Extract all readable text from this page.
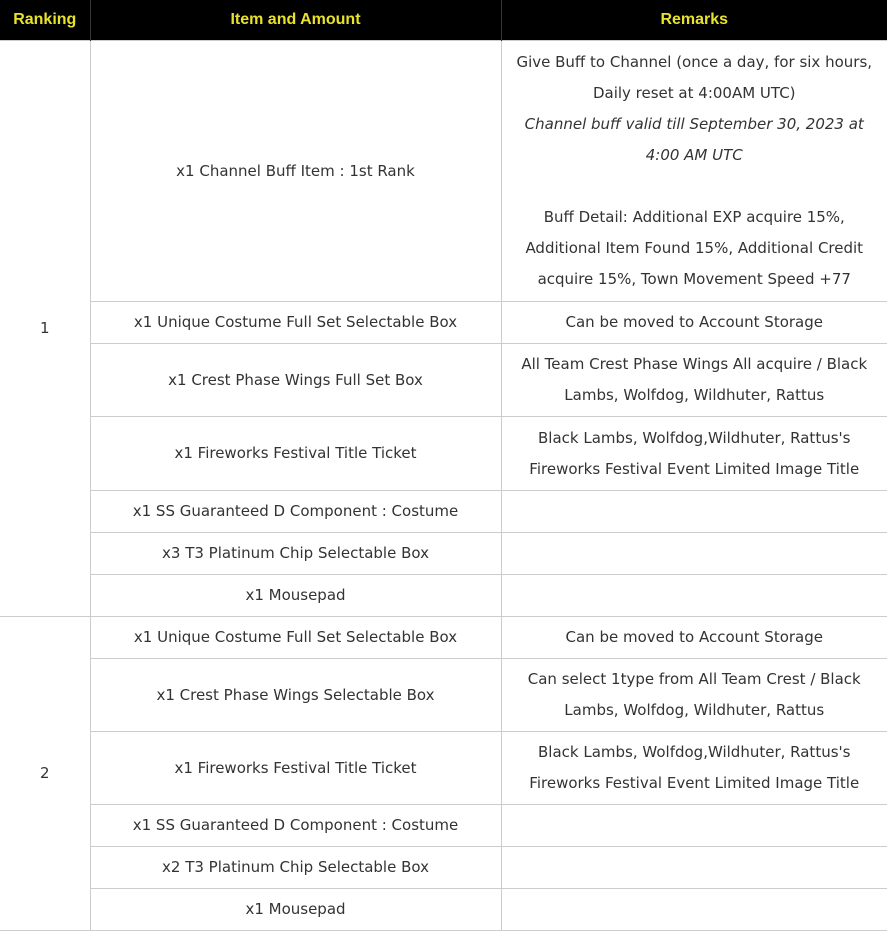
Ranking	Item and Amount	Remarks
1	x1 Channel Buff Item : 1st Rank	Give Buff to Channel (once a day, for six hours, Daily reset at 4:00AM UTC)
Channel buff valid till September 30, 2023 at 4:00 AM UTC
Buff Detail: Additional EXP acquire 15%, Additional Item Found 15%, Additional Credit acquire 15%, Town Movement Speed +77

	x1 Unique Costume Full Set Selectable Box	Can be moved to Account Storage
	x1 Crest Phase Wings Full Set Box	All Team Crest Phase Wings All acquire / Black Lambs, Wolfdog, Wildhuter, Rattus
	x1 Fireworks Festival Title Ticket	Black Lambs, Wolfdog,Wildhuter, Rattus's Fireworks Festival Event Limited Image Title
	x1 SS Guaranteed D Component : Costume	
	x3 T3 Platinum Chip Selectable Box	
	x1 Mousepad	
2	x1 Unique Costume Full Set Selectable Box	Can be moved to Account Storage
	x1 Crest Phase Wings Selectable Box	Can select 1type from All Team Crest / Black Lambs, Wolfdog, Wildhuter, Rattus
	x1 Fireworks Festival Title Ticket	Black Lambs, Wolfdog,Wildhuter, Rattus's Fireworks Festival Event Limited Image Title
	x1 SS Guaranteed D Component : Costume	
	x2 T3 Platinum Chip Selectable Box	
	x1 Mousepad	
